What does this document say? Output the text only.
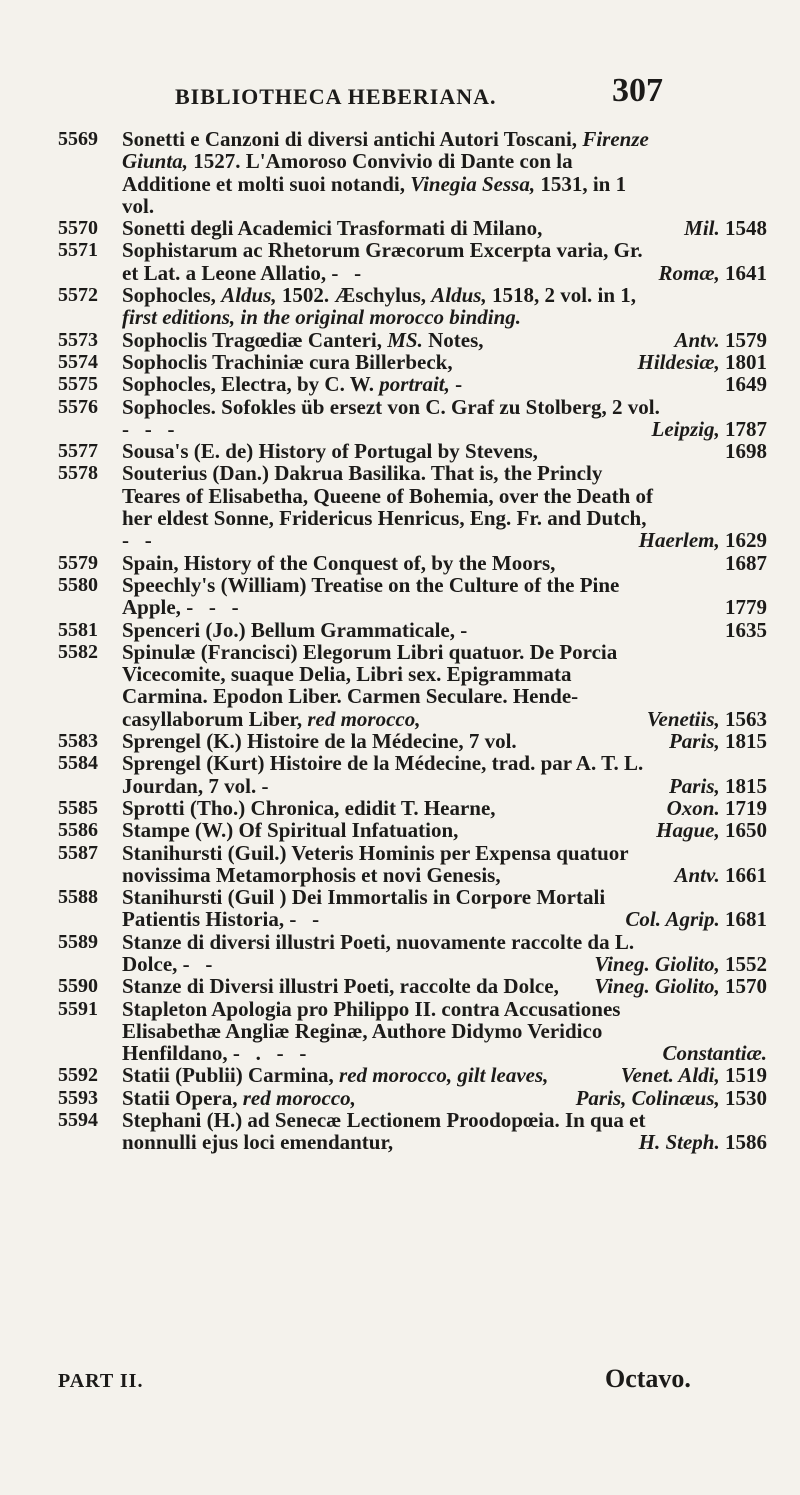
BIBLIOTHECA HEBERIANA.	307
5569 Sonetti e Canzoni di diversi antichi Autori Toscani, Firenze Giunta, 1527. L'Amoroso Convivio di Dante con la Additione et molti suoi notandi, Vinegia Sessa, 1531, in 1 vol.
5570 Sonetti degli Academici Trasformati di Milano,	Mil. 1548
5571 Sophistarum ac Rhetorum Græcorum Excerpta varia, Gr. et Lat. a Leone Allatio, -   -	Romæ, 1641
5572 Sophocles, Aldus, 1502. Æschylus, Aldus, 1518, 2 vol. in 1, first editions, in the original morocco binding.
5573 Sophoclis Tragœdiæ Canteri, MS. Notes,	Antv. 1579
5574 Sophoclis Trachiniæ cura Billerbeck,	Hildesiæ, 1801
5575 Sophocles, Electra, by C. W. portrait, -	1649
5576 Sophocles. Sofokles üb ersezt von C. Graf zu Stolberg, 2 vol. -   -   -	Leipzig, 1787
5577 Sousa's (E. de) History of Portugal by Stevens,	1698
5578 Souterius (Dan.) Dakrua Basilika. That is, the Princly Teares of Elisabetha, Queene of Bohemia, over the Death of her eldest Sonne, Fridericus Henricus, Eng. Fr. and Dutch, -   -	Haerlem, 1629
5579 Spain, History of the Conquest of, by the Moors,	1687
5580 Speechly's (William) Treatise on the Culture of the Pine Apple, -   -   -	1779
5581 Spenceri (Jo.) Bellum Grammaticale, -	1635
5582 Spinulæ (Francisci) Elegorum Libri quatuor. De Porcia Vicecomite, suaque Delia, Libri sex. Epigrammata Carmina. Epodon Liber. Carmen Seculare. Hende-casyllaborum Liber, red morocco,	Venetiis, 1563
5583 Sprengel (K.) Histoire de la Médecine, 7 vol.	Paris, 1815
5584 Sprengel (Kurt) Histoire de la Médecine, trad. par A. T. L. Jourdan, 7 vol. -	Paris, 1815
5585 Sprotti (Tho.) Chronica, edidit T. Hearne,	Oxon. 1719
5586 Stampe (W.) Of Spiritual Infatuation,	Hague, 1650
5587 Stanihursti (Guil.) Veteris Hominis per Expensa quatuor novissima Metamorphosis et novi Genesis,	Antv. 1661
5588 Stanihursti (Guil ) Dei Immortalis in Corpore Mortali Patientis Historia, -   -	Col. Agrip. 1681
5589 Stanze di diversi illustri Poeti, nuovamente raccolte da L. Dolce, -   -	Vineg. Giolito, 1552
5590 Stanze di Diversi illustri Poeti, raccolte da Dolce, Vineg. Giolito, 1570
5591 Stapleton Apologia pro Philippo II. contra Accusationes Elisabethæ Angliæ Reginæ, Authore Didymo Veridico Henfildano, -   .   -   -	Constantiæ.
5592 Statii (Publii) Carmina, red morocco, gilt leaves,	Venet. Aldi, 1519
5593 Statii Opera, red morocco,	Paris, Colinæus, 1530
5594 Stephani (H.) ad Senecæ Lectionem Proodopœia. In qua et nonnulli ejus loci emendantur,	H. Steph. 1586
PART II.	Octavo.
